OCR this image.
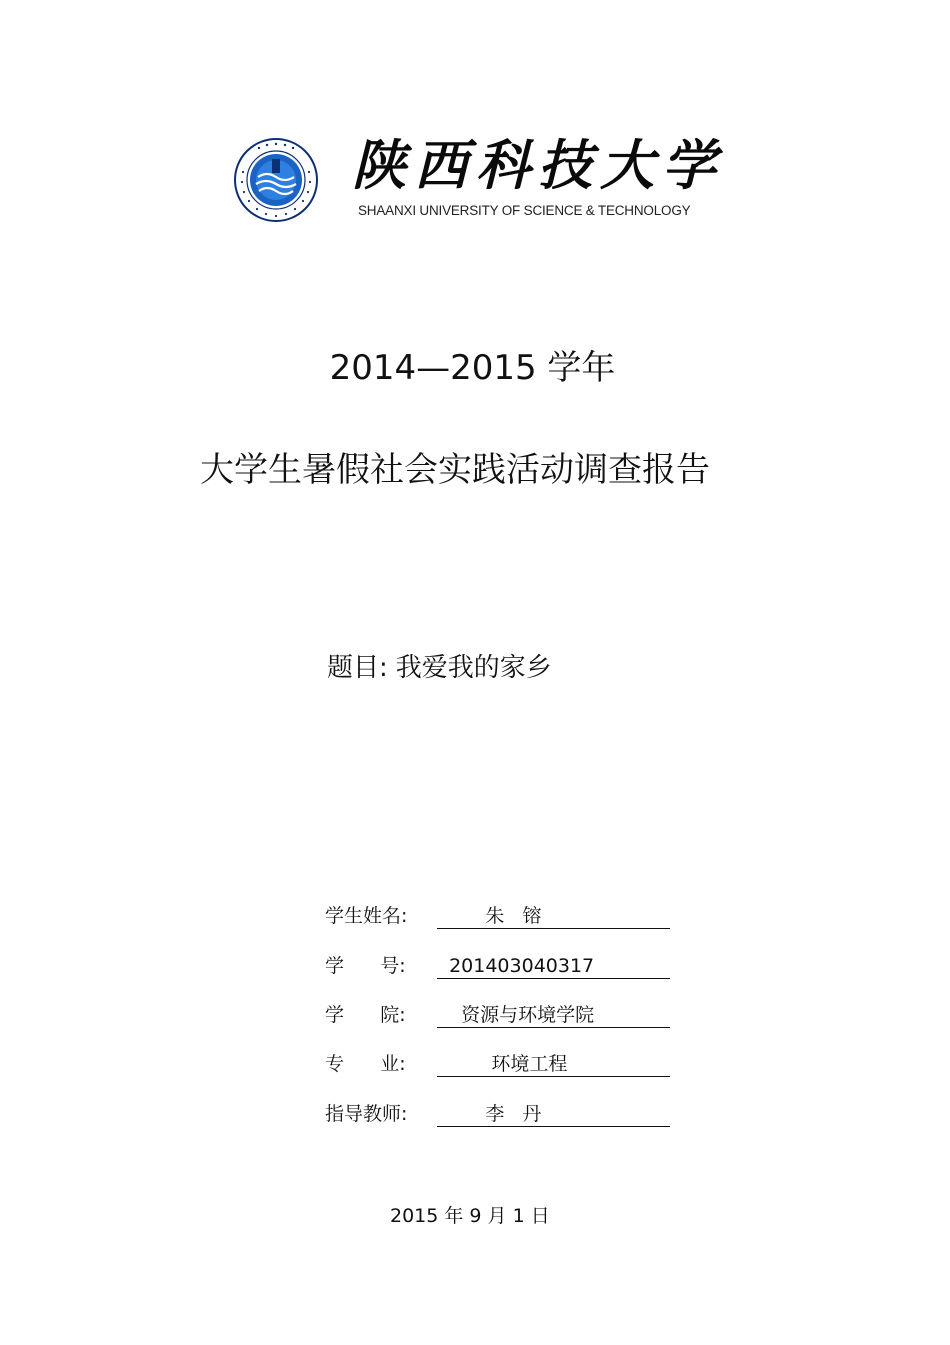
陕西科技大学
SHAANXI UNIVERSITY OF SCIENCE & TECHNOLOGY
2014—2015 学年
大学生暑假社会实践活动调查报告
题目: 我爱我的家乡
学生姓名:	朱   镕
学      号:	201403040317
学      院:	资源与环境学院
专      业:	环境工程
指导教师:	李   丹
2015 年 9 月 1 日
